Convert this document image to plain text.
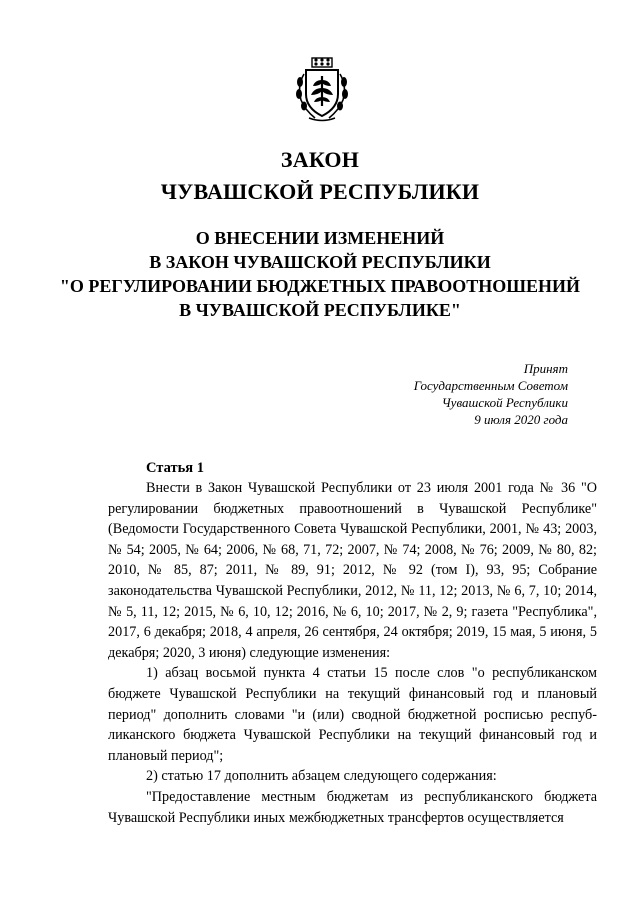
ЗАКОН
ЧУВАШСКОЙ РЕСПУБЛИКИ
О ВНЕСЕНИИ ИЗМЕНЕНИЙ
В ЗАКОН ЧУВАШСКОЙ РЕСПУБЛИКИ
"О РЕГУЛИРОВАНИИ БЮДЖЕТНЫХ ПРАВООТНОШЕНИЙ
В ЧУВАШСКОЙ РЕСПУБЛИКЕ"
Принят
Государственным Советом
Чувашской Республики
9 июля 2020 года
Статья 1

Внести в Закон Чувашской Республики от 23 июля 2001 года № 36 "О регулировании бюджетных правоотношений в Чувашской Республике" (Ведомости Государственного Совета Чувашской Республики, 2001, № 43; 2003, № 54; 2005, № 64; 2006, № 68, 71, 72; 2007, № 74; 2008, № 76; 2009, № 80, 82; 2010, № 85, 87; 2011, № 89, 91; 2012, № 92 (том I), 93, 95; Собрание законодательства Чувашской Республики, 2012, № 11, 12; 2013, № 6, 7, 10; 2014, № 5, 11, 12; 2015, № 6, 10, 12; 2016, № 6, 10; 2017, № 2, 9; газета "Республика", 2017, 6 декабря; 2018, 4 апреля, 26 сентября, 24 октября; 2019, 15 мая, 5 июня, 5 декабря; 2020, 3 июня) следующие изменения:

1) абзац восьмой пункта 4 статьи 15 после слов "о республиканском бюджете Чувашской Республики на текущий финансовый год и плановый период" дополнить словами "и (или) сводной бюджетной росписью республиканского бюджета Чувашской Республики на текущий финансовый год и плановый период";

2) статью 17 дополнить абзацем следующего содержания:

"Предоставление местным бюджетам из республиканского бюджета Чувашской Республики иных межбюджетных трансфертов осуществляется
